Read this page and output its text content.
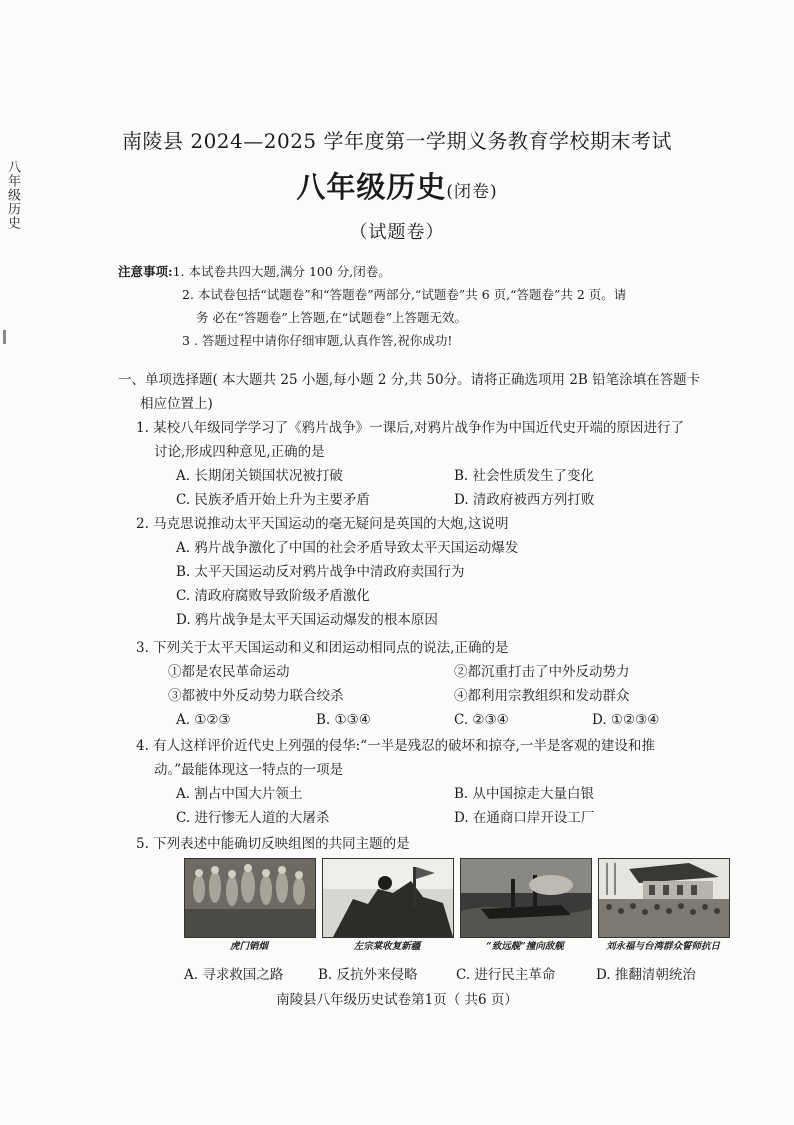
八年级历史
南陵县 2024—2025 学年度第一学期义务教育学校期末考试
八年级历史(闭卷)
（试题卷）
注意事项:1. 本试卷共四大题,满分 100 分,闭卷。
2. 本试卷包括“试题卷”和“答题卷”两部分,“试题卷”共 6 页,“答题卷”共 2 页。请
务 必在“答题卷”上答题,在“试题卷”上答题无效。
3 . 答题过程中请你仔细审题,认真作答,祝你成功!
一、单项选择题( 本大题共 25 小题,每小题 2 分,共 50分。请将正确选项用 2B 铅笔涂填在答题卡
相应位置上)
1. 某校八年级同学学习了《鸦片战争》一课后,对鸦片战争作为中国近代史开端的原因进行了
讨论,形成四种意见,正确的是
A. 长期闭关锁国状况被打破	B. 社会性质发生了变化
C. 民族矛盾开始上升为主要矛盾	D. 清政府被西方列打败
2. 马克思说推动太平天国运动的毫无疑问是英国的大炮,这说明
A. 鸦片战争激化了中国的社会矛盾导致太平天国运动爆发
B. 太平天国运动反对鸦片战争中清政府卖国行为
C. 清政府腐败导致阶级矛盾激化
D. 鸦片战争是太平天国运动爆发的根本原因
3. 下列关于太平天国运动和义和团运动相同点的说法,正确的是
①都是农民革命运动	②都沉重打击了中外反动势力
③都被中外反动势力联合绞杀	④都利用宗教组织和发动群众
A. ①②③	B. ①③④	C. ②③④	D. ①②③④
4. 有人这样评价近代史上列强的侵华:“一半是残忍的破坏和掠夺,一半是客观的建设和推
动。”最能体现这一特点的一项是
A. 割占中国大片领土	B. 从中国掠走大量白银
C. 进行惨无人道的大屠杀	D. 在通商口岸开设工厂
5. 下列表述中能确切反映组图的共同主题的是
虎门销烟	左宗棠收复新疆	“致远舰”撞向敌舰	刘永福与台湾群众誓师抗日
A. 寻求救国之路	B. 反抗外来侵略	C. 进行民主革命	D. 推翻清朝统治
南陵县八年级历史试卷第1页（ 共6 页）
